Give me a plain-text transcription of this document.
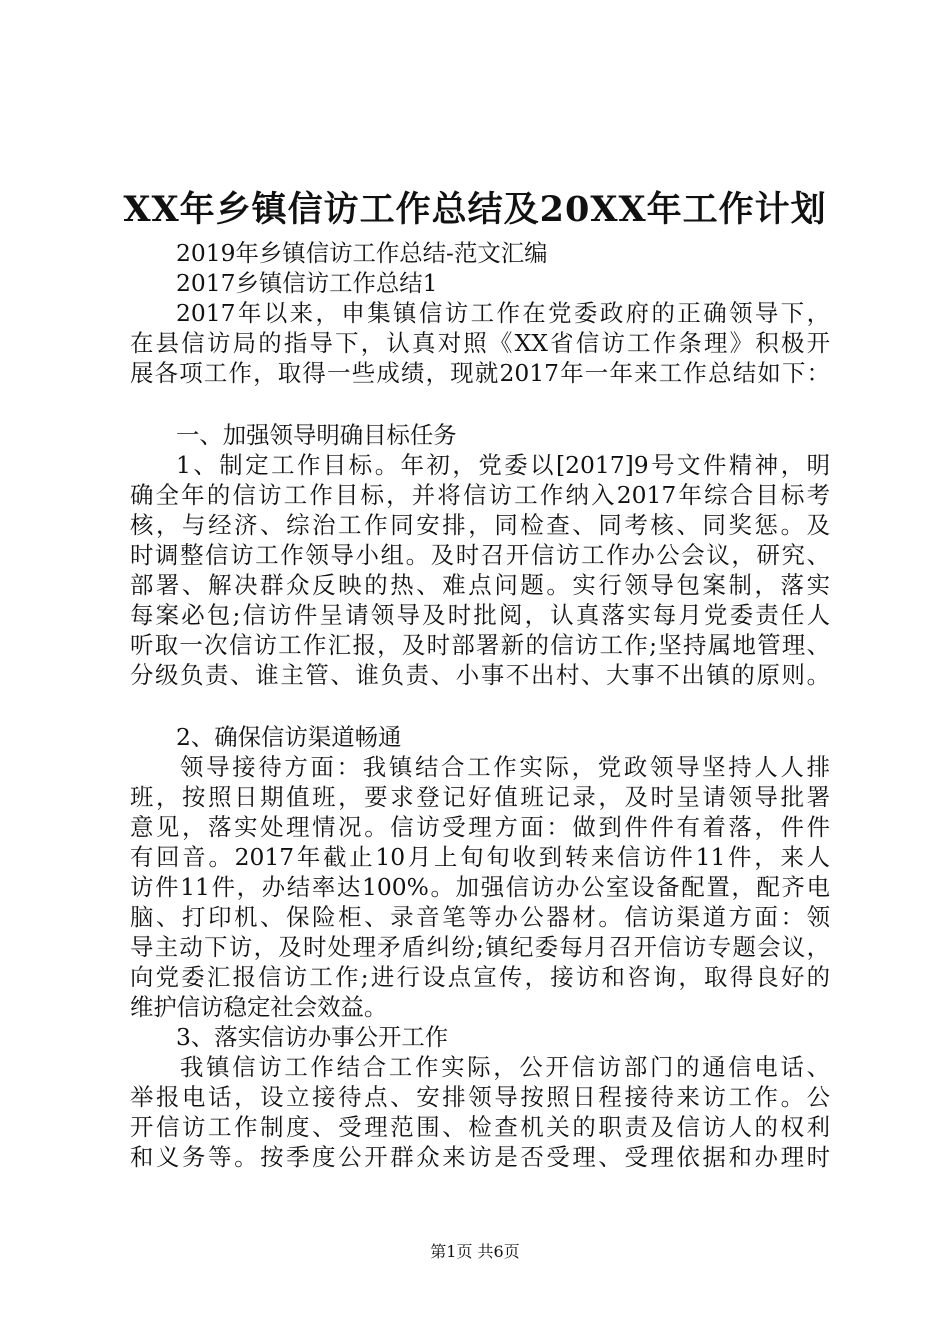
XX年乡镇信访工作总结及20XX年工作计划
2019年乡镇信访工作总结-范文汇编
2017乡镇信访工作总结1
2017年以来，申集镇信访工作在党委政府的正确领导下，
在县信访局的指导下，认真对照《XX省信访工作条理》积极开
展各项工作，取得一些成绩，现就2017年一年来工作总结如下：
一、加强领导明确目标任务
1、制定工作目标。年初，党委以[2017]9号文件精神，明
确全年的信访工作目标，并将信访工作纳入2017年综合目标考
核，与经济、综治工作同安排，同检查、同考核、同奖惩。及
时调整信访工作领导小组。及时召开信访工作办公会议，研究、
部署、解决群众反映的热、难点问题。实行领导包案制，落实
每案必包;信访件呈请领导及时批阅，认真落实每月党委责任人
听取一次信访工作汇报，及时部署新的信访工作;坚持属地管理、
分级负责、谁主管、谁负责、小事不出村、大事不出镇的原则。
2、确保信访渠道畅通
领导接待方面：我镇结合工作实际，党政领导坚持人人排
班，按照日期值班，要求登记好值班记录，及时呈请领导批署
意见，落实处理情况。信访受理方面：做到件件有着落，件件
有回音。2017年截止10月上旬旬收到转来信访件11件，来人
访件11件，办结率达100%。加强信访办公室设备配置，配齐电
脑、打印机、保险柜、录音笔等办公器材。信访渠道方面：领
导主动下访，及时处理矛盾纠纷;镇纪委每月召开信访专题会议，
向党委汇报信访工作;进行设点宣传，接访和咨询，取得良好的
维护信访稳定社会效益。
3、落实信访办事公开工作
我镇信访工作结合工作实际，公开信访部门的通信电话、
举报电话，设立接待点、安排领导按照日程接待来访工作。公
开信访工作制度、受理范围、检查机关的职责及信访人的权利
和义务等。按季度公开群众来访是否受理、受理依据和办理时
第1页 共6页
